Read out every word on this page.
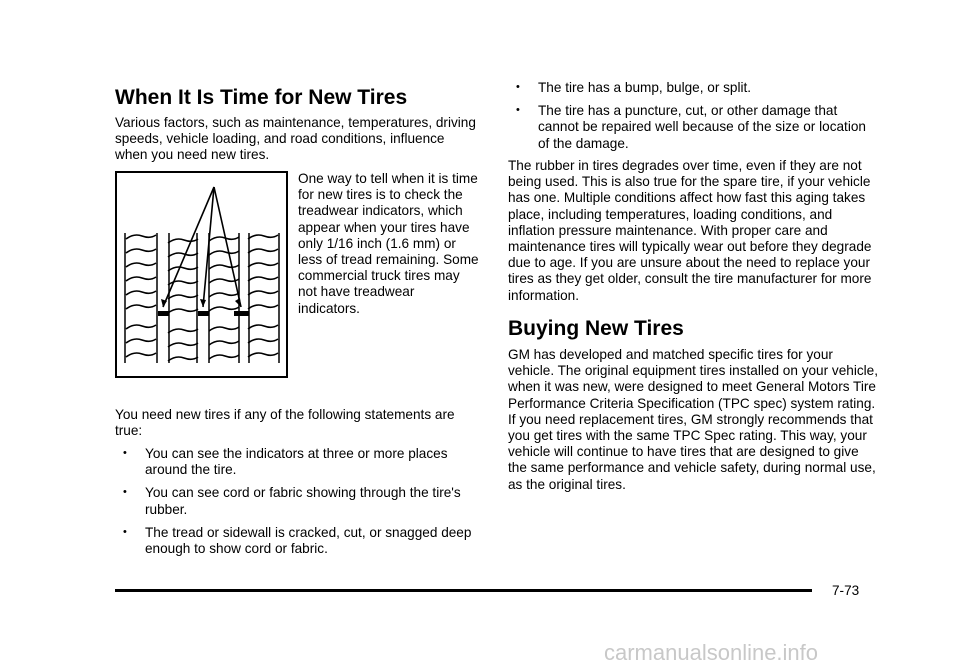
When It Is Time for New Tires

Various factors, such as maintenance, temperatures, driving speeds, vehicle loading, and road conditions, influence when you need new tires.

One way to tell when it is time for new tires is to check the treadwear indicators, which appear when your tires have only 1/16 inch (1.6 mm) or less of tread remaining. Some commercial truck tires may not have treadwear indicators.

You need new tires if any of the following statements are true:

• You can see the indicators at three or more places around the tire.
• You can see cord or fabric showing through the tire's rubber.
• The tread or sidewall is cracked, cut, or snagged deep enough to show cord or fabric.
• The tire has a bump, bulge, or split.
• The tire has a puncture, cut, or other damage that cannot be repaired well because of the size or location of the damage.

The rubber in tires degrades over time, even if they are not being used. This is also true for the spare tire, if your vehicle has one. Multiple conditions affect how fast this aging takes place, including temperatures, loading conditions, and inflation pressure maintenance. With proper care and maintenance tires will typically wear out before they degrade due to age. If you are unsure about the need to replace your tires as they get older, consult the tire manufacturer for more information.

Buying New Tires

GM has developed and matched specific tires for your vehicle. The original equipment tires installed on your vehicle, when it was new, were designed to meet General Motors Tire Performance Criteria Specification (TPC spec) system rating. If you need replacement tires, GM strongly recommends that you get tires with the same TPC Spec rating. This way, your vehicle will continue to have tires that are designed to give the same performance and vehicle safety, during normal use, as the original tires.

7-73
carmanualsonline.info
